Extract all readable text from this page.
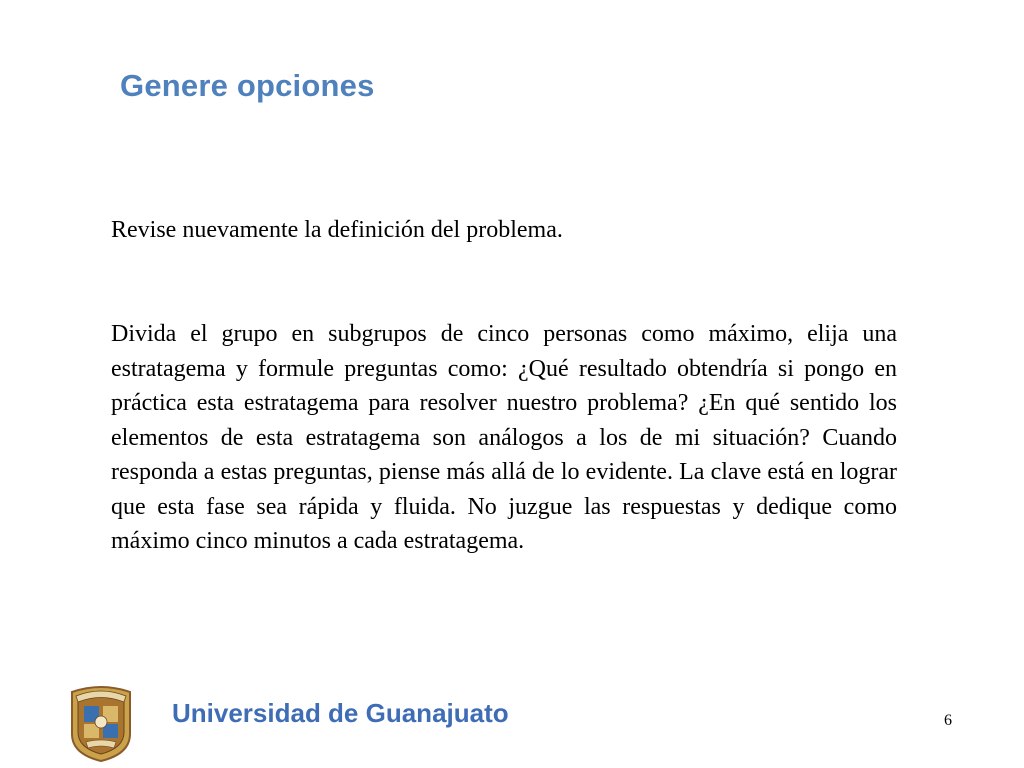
Genere opciones

Revise nuevamente la definición del problema.

Divida el grupo en subgrupos de cinco personas como máximo, elija una estratagema y formule preguntas como: ¿Qué resultado obtendría si pongo en práctica esta estratagema para resolver nuestro problema? ¿En qué sentido los elementos de esta estratagema son análogos a los de mi situación? Cuando responda a estas preguntas, piense más allá de lo evidente. La clave está en lograr que esta fase sea rápida y fluida. No juzgue las respuestas y dedique como máximo cinco minutos a cada estratagema.

Universidad de Guanajuato	6
